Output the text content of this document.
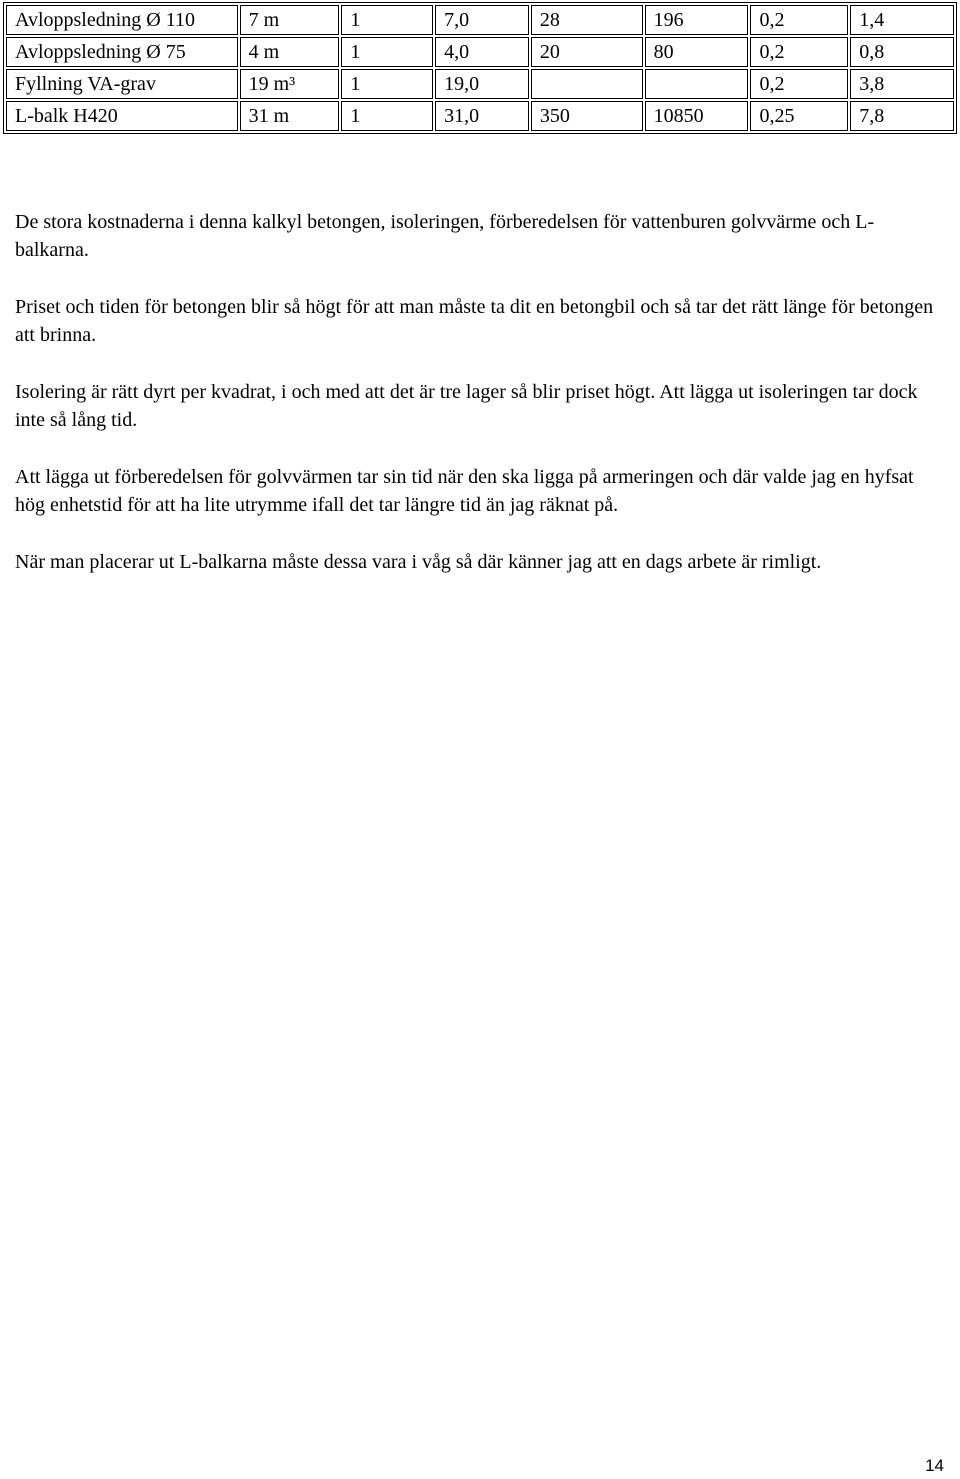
Avloppsledning Ø 110	7 m	1	7,0	28	196	0,2	1,4
Avloppsledning Ø 75	4 m	1	4,0	20	80	0,2	0,8
Fyllning VA-grav	19 m³	1	19,0			0,2	3,8
L-balk H420	31 m	1	31,0	350	10850	0,25	7,8

De stora kostnaderna i denna kalkyl betongen, isoleringen, förberedelsen för vattenburen golvvärme och L-balkarna.

Priset och tiden för betongen blir så högt för att man måste ta dit en betongbil och så tar det rätt länge för betongen att brinna.

Isolering är rätt dyrt per kvadrat, i och med att det är tre lager så blir priset högt. Att lägga ut isoleringen tar dock inte så lång tid.

Att lägga ut förberedelsen för golvvärmen tar sin tid när den ska ligga på armeringen och där valde jag en hyfsat hög enhetstid för att ha lite utrymme ifall det tar längre tid än jag räknat på.

När man placerar ut L-balkarna måste dessa vara i våg så där känner jag att en dags arbete är rimligt.

14
